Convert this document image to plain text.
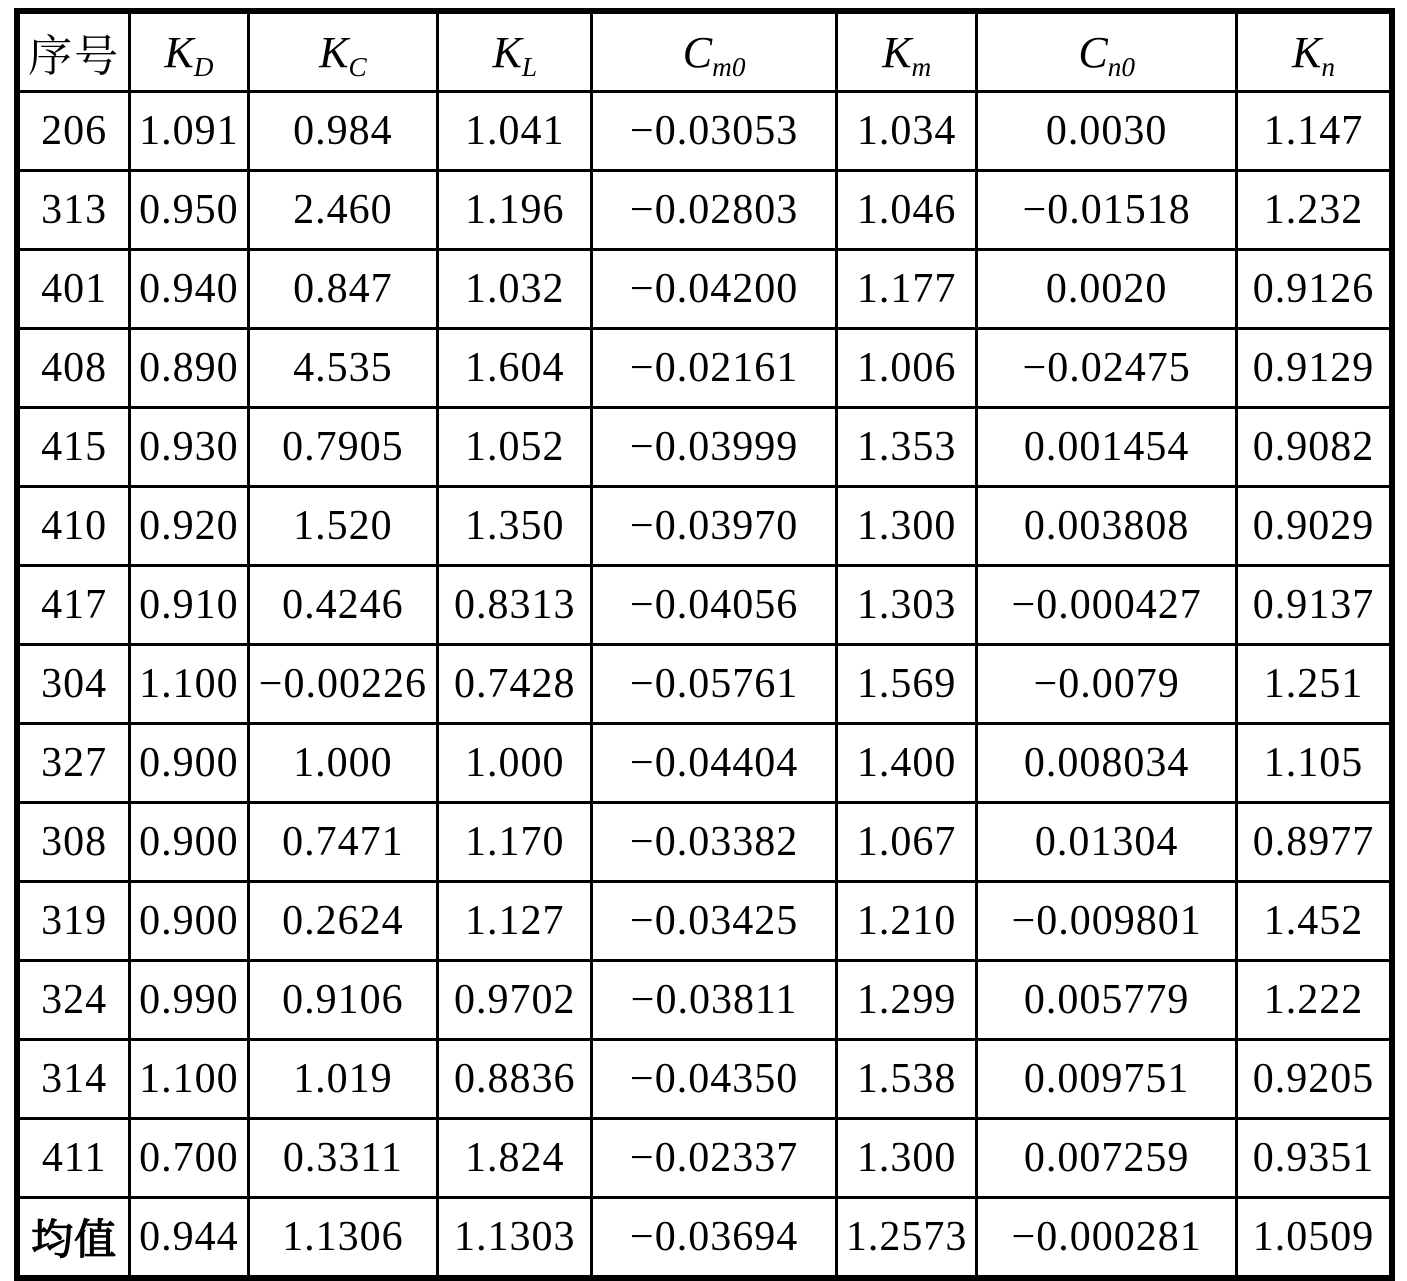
序号	$K_D$	$K_C$	$K_L$	$C_{m0}$	$K_m$	$C_{n0}$	$K_n$
206	1.091	0.984	1.041	−0.03053	1.034	0.0030	1.147
313	0.950	2.460	1.196	−0.02803	1.046	−0.01518	1.232
401	0.940	0.847	1.032	−0.04200	1.177	0.0020	0.9126
408	0.890	4.535	1.604	−0.02161	1.006	−0.02475	0.9129
415	0.930	0.7905	1.052	−0.03999	1.353	0.001454	0.9082
410	0.920	1.520	1.350	−0.03970	1.300	0.003808	0.9029
417	0.910	0.4246	0.8313	−0.04056	1.303	−0.000427	0.9137
304	1.100	−0.00226	0.7428	−0.05761	1.569	−0.0079	1.251
327	0.900	1.000	1.000	−0.04404	1.400	0.008034	1.105
308	0.900	0.7471	1.170	−0.03382	1.067	0.01304	0.8977
319	0.900	0.2624	1.127	−0.03425	1.210	−0.009801	1.452
324	0.990	0.9106	0.9702	−0.03811	1.299	0.005779	1.222
314	1.100	1.019	0.8836	−0.04350	1.538	0.009751	0.9205
411	0.700	0.3311	1.824	−0.02337	1.300	0.007259	0.9351
均值	0.944	1.1306	1.1303	−0.03694	1.2573	−0.000281	1.0509
